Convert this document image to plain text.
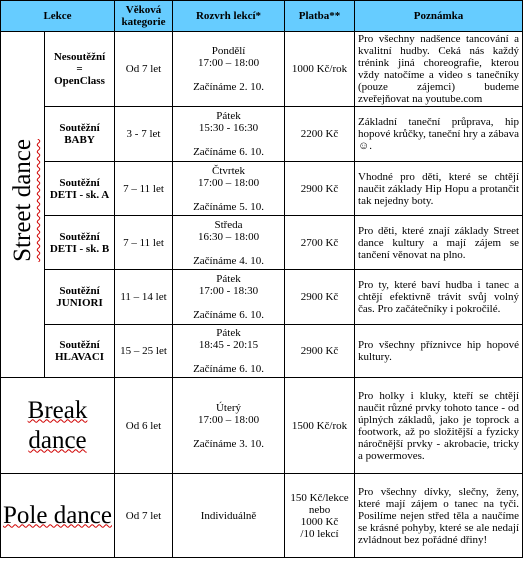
Lekce		Věková kategorie	Rozvrh lekcí*	Platba**	Poznámka
Street dance	Nesoutěžní
=
OpenClass	Od 7 let	Pondělí
17:00 – 18:00

Začínáme 2. 10.	1000 Kč/rok	Pro všechny nadšence tancování a kvalitní hudby. Ceká nás každý trénink jiná choreografie, kterou vždy natočíme a video s tanečníky (pouze zájemci) budeme zveřejňovat na youtube.com
	Soutěžní
BABY	3 - 7 let	Pátek
15:30 - 16:30

Začínáme 6. 10.	2200 Kč	Základní taneční průprava, hip hopové krůčky, taneční hry a zábava ☺.
	Soutěžní
DETI - sk. A	7 – 11 let	Čtvrtek
17:00 – 18:00

Začínáme 5. 10.	2900 Kč	Vhodné pro děti, které se chtějí naučit základy Hip Hopu a protančit tak nejedny boty.
	Soutěžní
DETI - sk. B	7 – 11 let	Středa
16:30 – 18:00

Začínáme 4. 10.	2700 Kč	Pro děti, které znají základy Street dance kultury a mají zájem se tančení věnovat na plno.
	Soutěžní
JUNIORI	11 – 14 let	Pátek
17:00 - 18:30

Začínáme 6. 10.	2900 Kč	Pro ty, které baví hudba i tanec a chtějí efektivně trávit svůj volný čas. Pro začátečníky i pokročilé.
	Soutěžní
HLAVACI	15 – 25 let	Pátek
18:45 - 20:15

Začínáme 6. 10.	2900 Kč	Pro všechny příznivce hip hopové kultury.
Break dance		Od 6 let	Úterý
17:00 – 18:00

Začínáme 3. 10.	1500 Kč/rok	Pro holky i kluky, kteří se chtějí naučit různé prvky tohoto tance - od úplných základů, jako je toprock a footwork, až po složitější a fyzicky náročnější prvky - akrobacie, tricky a powermoves.
Pole dance		Od 7 let	Individuálně	150 Kč/lekce
nebo
1000 Kč
/10 lekcí	Pro všechny dívky, slečny, ženy, které mají zájem o tanec na tyči. Posilíme nejen střed těla a naučíme se krásné pohyby, které se ale nedají zvládnout bez pořádné dřiny!
